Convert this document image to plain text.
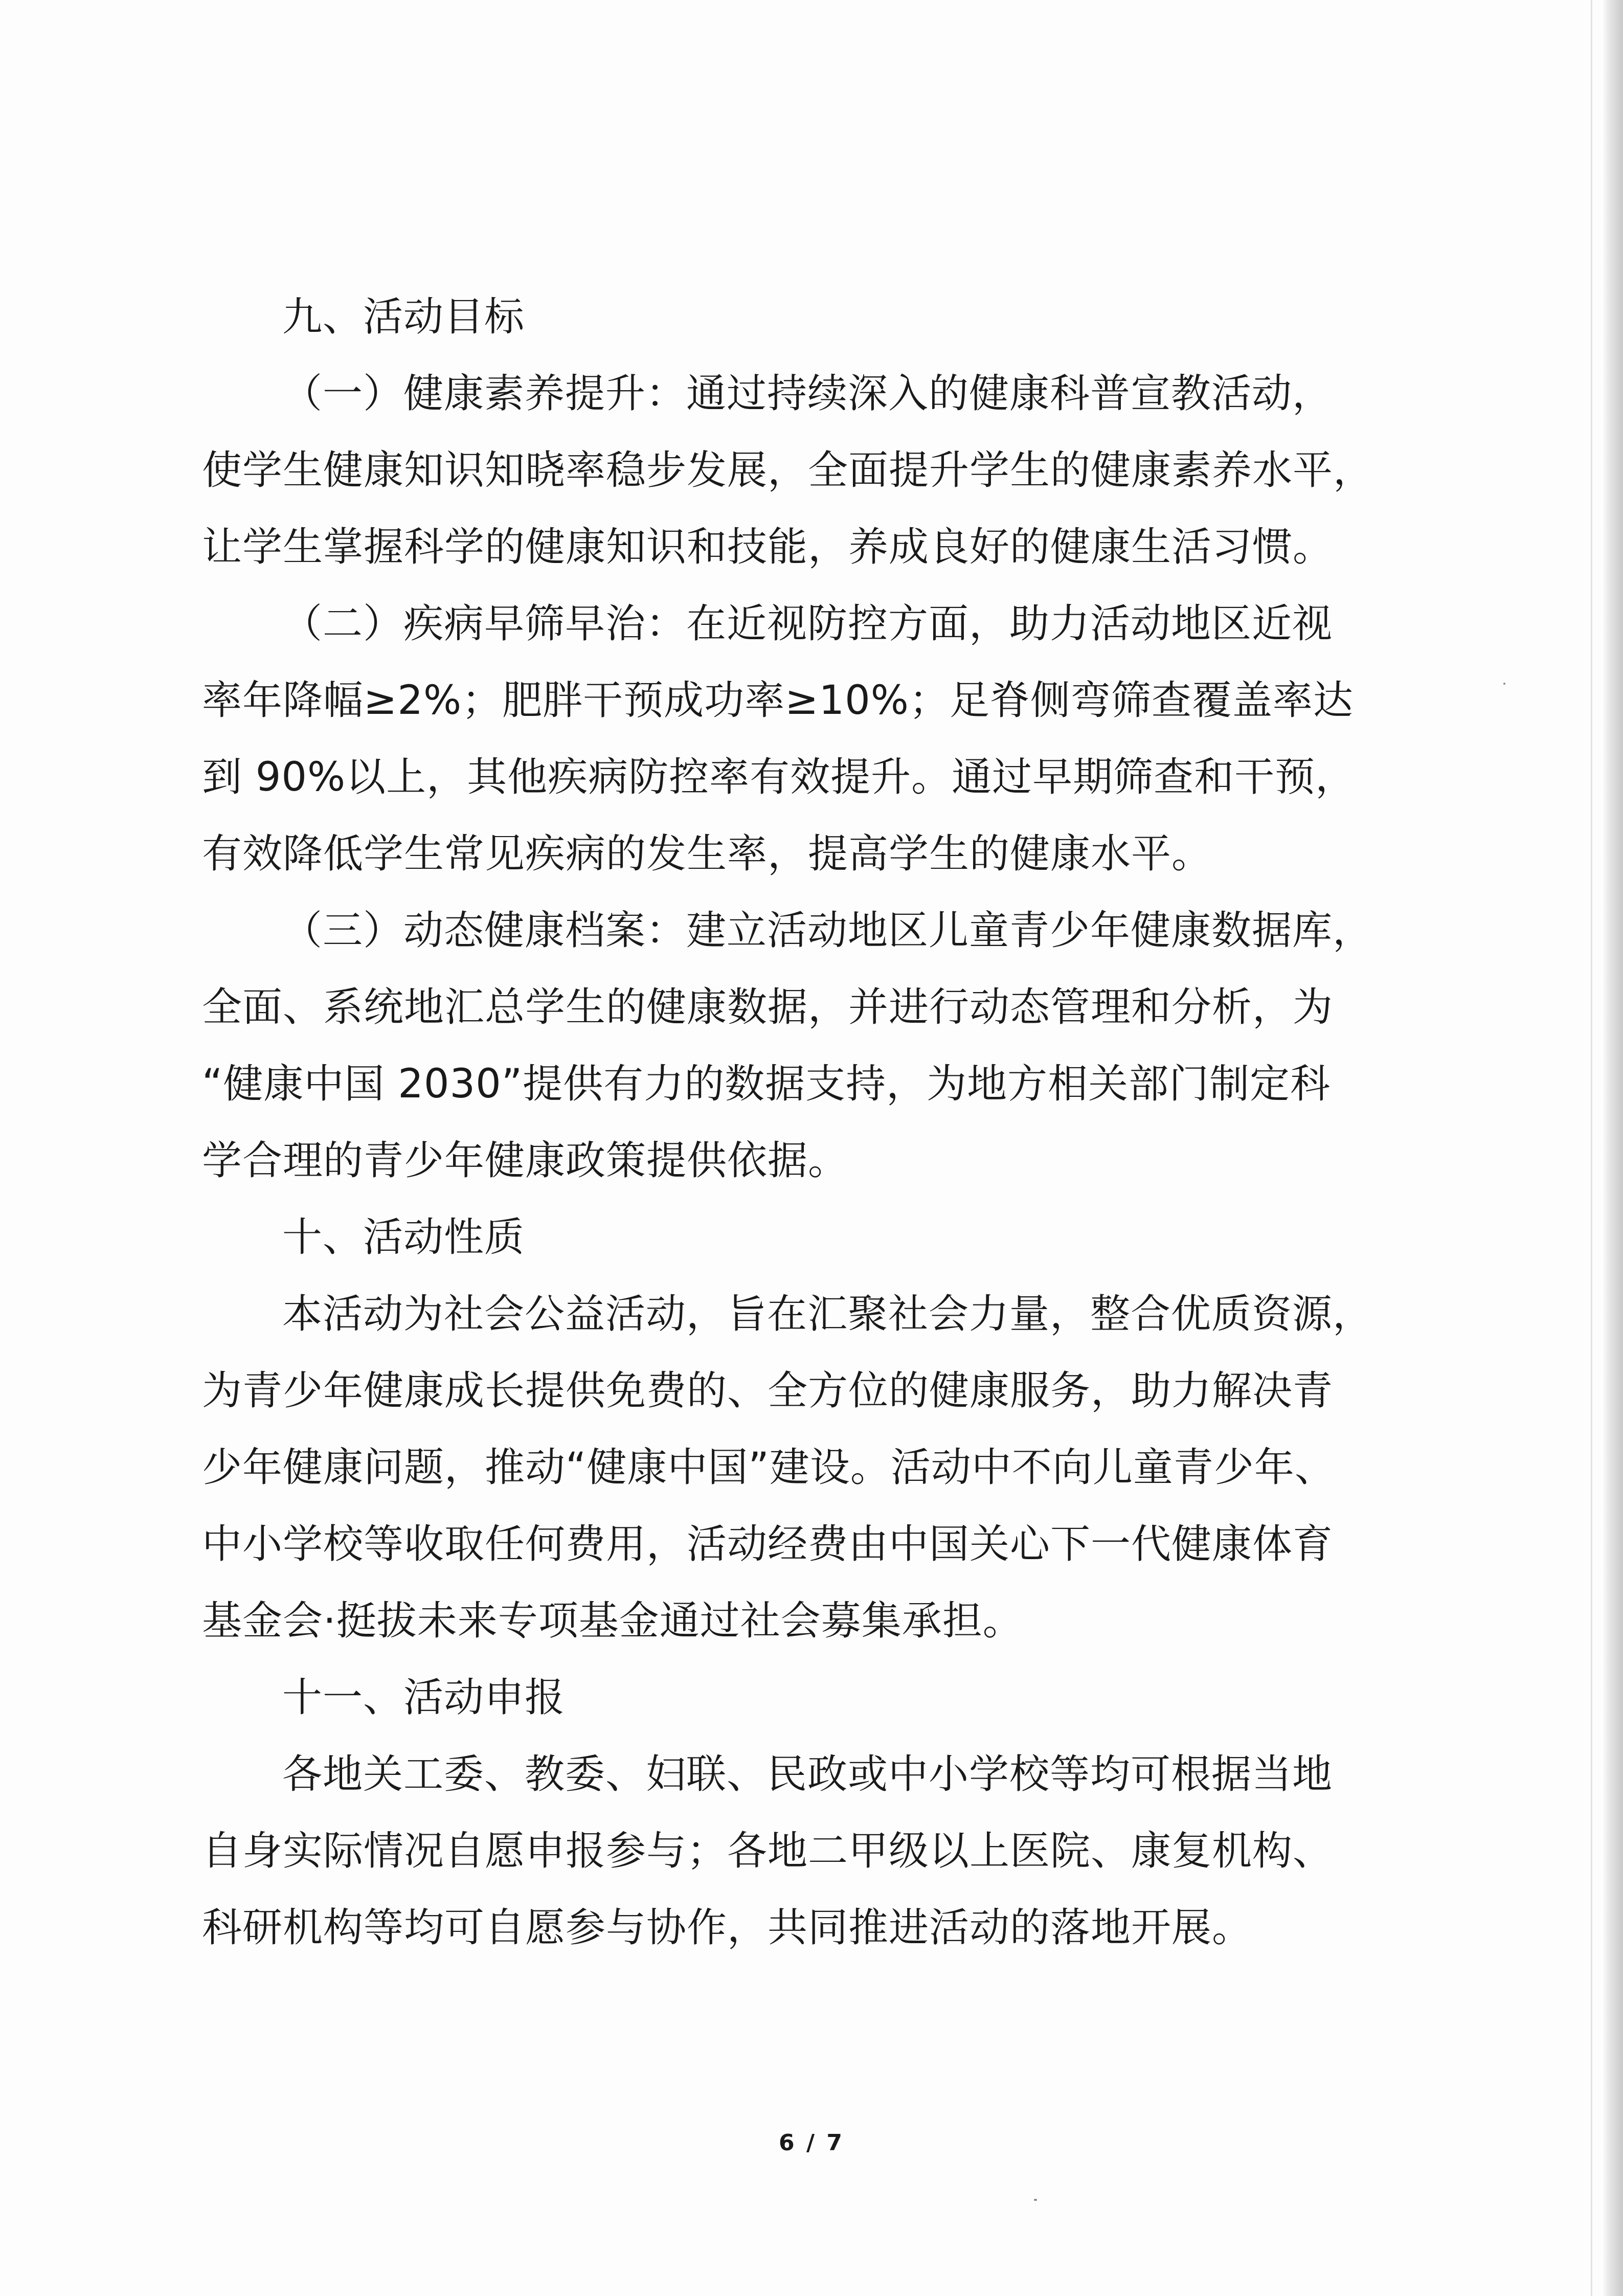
九、活动目标
（一）健康素养提升：通过持续深入的健康科普宣教活动，
使学生健康知识知晓率稳步发展，全面提升学生的健康素养水平，
让学生掌握科学的健康知识和技能，养成良好的健康生活习惯。
（二）疾病早筛早治：在近视防控方面，助力活动地区近视
率年降幅≥2%；肥胖干预成功率≥10%；足脊侧弯筛查覆盖率达
到 90%以上，其他疾病防控率有效提升。通过早期筛查和干预，
有效降低学生常见疾病的发生率，提高学生的健康水平。
（三）动态健康档案：建立活动地区儿童青少年健康数据库，
全面、系统地汇总学生的健康数据，并进行动态管理和分析，为
“健康中国 2030”提供有力的数据支持，为地方相关部门制定科
学合理的青少年健康政策提供依据。
十、活动性质
本活动为社会公益活动，旨在汇聚社会力量，整合优质资源，
为青少年健康成长提供免费的、全方位的健康服务，助力解决青
少年健康问题，推动“健康中国”建设。活动中不向儿童青少年、
中小学校等收取任何费用，活动经费由中国关心下一代健康体育
基金会·挺拔未来专项基金通过社会募集承担。
十一、活动申报
各地关工委、教委、妇联、民政或中小学校等均可根据当地
自身实际情况自愿申报参与；各地二甲级以上医院、康复机构、
科研机构等均可自愿参与协作，共同推进活动的落地开展。
6 / 7
